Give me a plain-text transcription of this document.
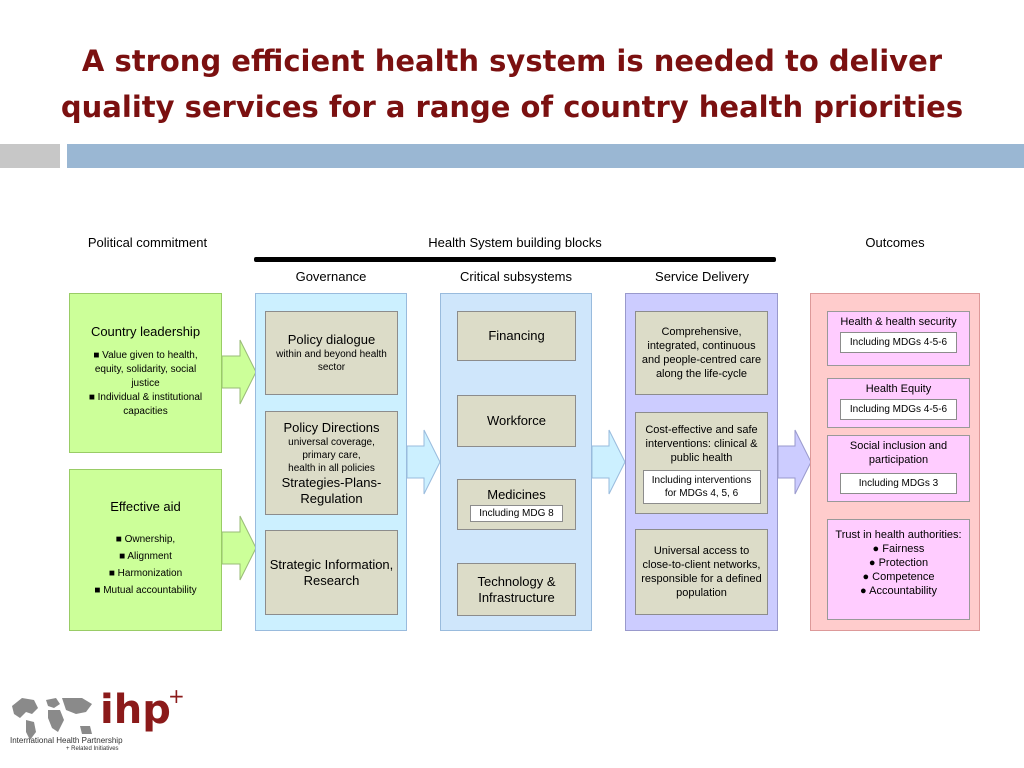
A strong efficient health system is needed to deliver
quality services for a range of country health priorities
Political commitment	Health System building blocks	Outcomes
Governance	Critical subsystems	Service Delivery
Country leadership
■ Value given to health, equity, solidarity, social justice
■ Individual & institutional capacities
Effective aid
■ Ownership,
■ Alignment
■ Harmonization
■ Mutual accountability
Policy dialogue
within and beyond health sector
Policy Directions
universal coverage,
primary care,
health in all policies
Strategies-Plans-Regulation
Strategic Information, Research
Financing
Workforce
Medicines
Including MDG 8
Technology & Infrastructure
Comprehensive, integrated, continuous and people-centred care along the life-cycle
Cost-effective and safe interventions: clinical & public health
Including interventions for MDGs 4, 5, 6
Universal access to close-to-client networks, responsible for a defined population
Health & health security
Including MDGs 4-5-6
Health Equity
Including MDGs 4-5-6
Social inclusion and participation
Including MDGs 3
Trust in health authorities:
● Fairness
● Protection
● Competence
● Accountability
ihp
+
International Health Partnership
+ Related Initiatives
